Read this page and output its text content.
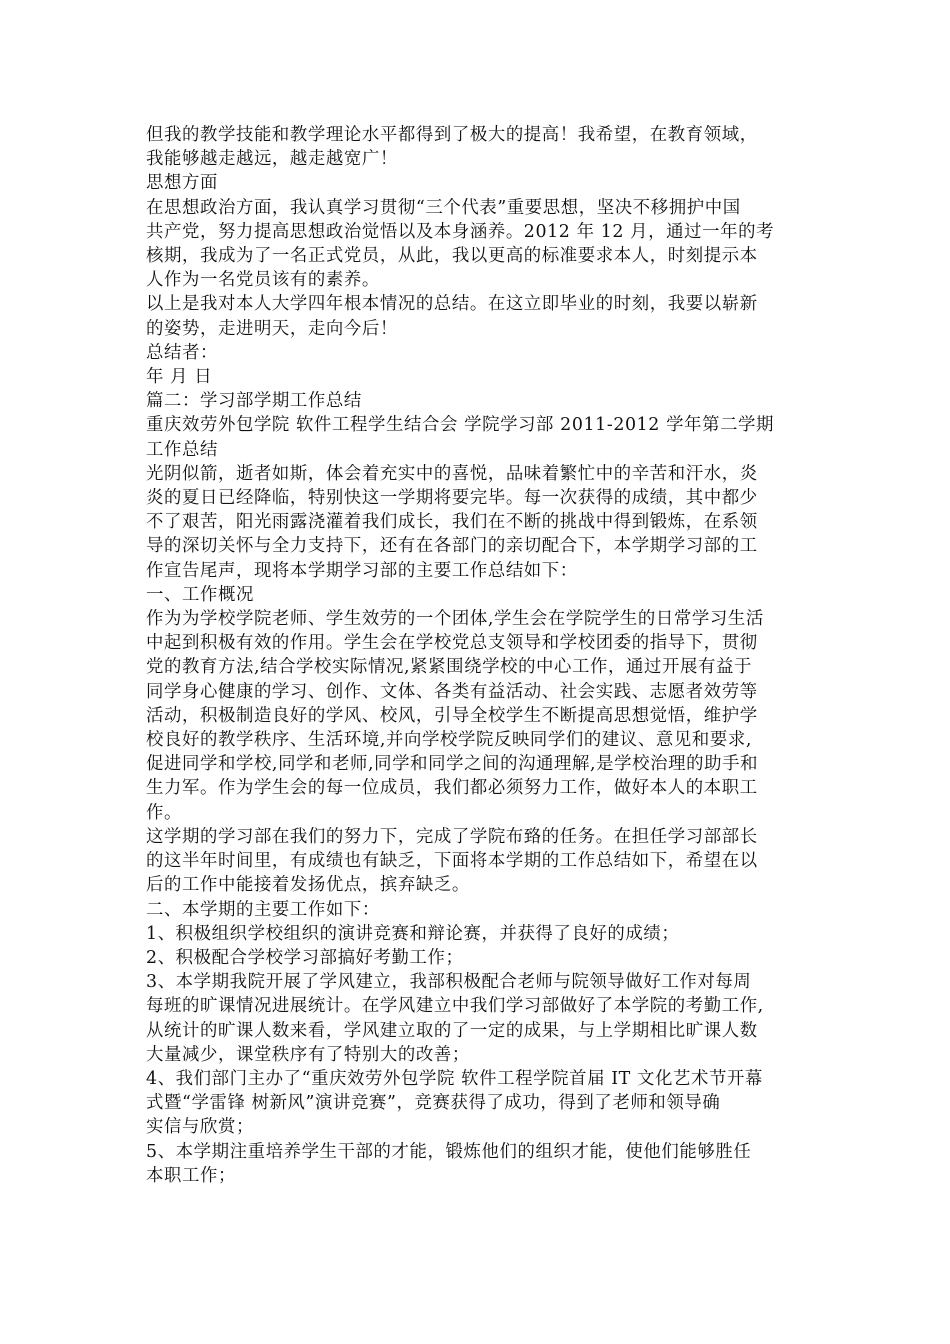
但我的教学技能和教学理论水平都得到了极大的提高！我希望，在教育领域，
我能够越走越远，越走越宽广！
思想方面
在思想政治方面，我认真学习贯彻“三个代表”重要思想，坚决不移拥护中国
共产党，努力提高思想政治觉悟以及本身涵养。2012 年 12 月，通过一年的考
核期，我成为了一名正式党员，从此，我以更高的标准要求本人，时刻提示本
人作为一名党员该有的素养。
以上是我对本人大学四年根本情况的总结。在这立即毕业的时刻，我要以崭新
的姿势，走进明天，走向今后！
总结者：
年 月 日
篇二：学习部学期工作总结
重庆效劳外包学院 软件工程学生结合会 学院学习部 2011-2012 学年第二学期
工作总结
光阴似箭，逝者如斯，体会着充实中的喜悦，品味着繁忙中的辛苦和汗水，炎
炎的夏日已经降临，特别快这一学期将要完毕。每一次获得的成绩，其中都少
不了艰苦，阳光雨露浇灌着我们成长，我们在不断的挑战中得到锻炼，在系领
导的深切关怀与全力支持下，还有在各部门的亲切配合下，本学期学习部的工
作宣告尾声，现将本学期学习部的主要工作总结如下：
一、工作概况
作为为学校学院老师、学生效劳的一个团体,学生会在学院学生的日常学习生活
中起到积极有效的作用。学生会在学校党总支领导和学校团委的指导下，贯彻
党的教育方法,结合学校实际情况,紧紧围绕学校的中心工作，通过开展有益于
同学身心健康的学习、创作、文体、各类有益活动、社会实践、志愿者效劳等
活动，积极制造良好的学风、校风，引导全校学生不断提高思想觉悟，维护学
校良好的教学秩序、生活环境,并向学校学院反映同学们的建议、意见和要求,
促进同学和学校,同学和老师,同学和同学之间的沟通理解,是学校治理的助手和
生力军。作为学生会的每一位成员，我们都必须努力工作，做好本人的本职工
作。
这学期的学习部在我们的努力下，完成了学院布臵的任务。在担任学习部部长
的这半年时间里，有成绩也有缺乏，下面将本学期的工作总结如下，希望在以
后的工作中能接着发扬优点，摈弃缺乏。
二、本学期的主要工作如下：
1、积极组织学校组织的演讲竞赛和辩论赛，并获得了良好的成绩；
2、积极配合学校学习部搞好考勤工作；
3、本学期我院开展了学风建立，我部积极配合老师与院领导做好工作对每周
每班的旷课情况进展统计。在学风建立中我们学习部做好了本学院的考勤工作,
从统计的旷课人数来看，学风建立取的了一定的成果，与上学期相比旷课人数
大量减少，课堂秩序有了特别大的改善；
4、我们部门主办了“重庆效劳外包学院 软件工程学院首届 IT 文化艺术节开幕
式暨“学雷锋 树新风”演讲竞赛”，竞赛获得了成功，得到了老师和领导确
实信与欣赏；
5、本学期注重培养学生干部的才能，锻炼他们的组织才能，使他们能够胜任
本职工作；
